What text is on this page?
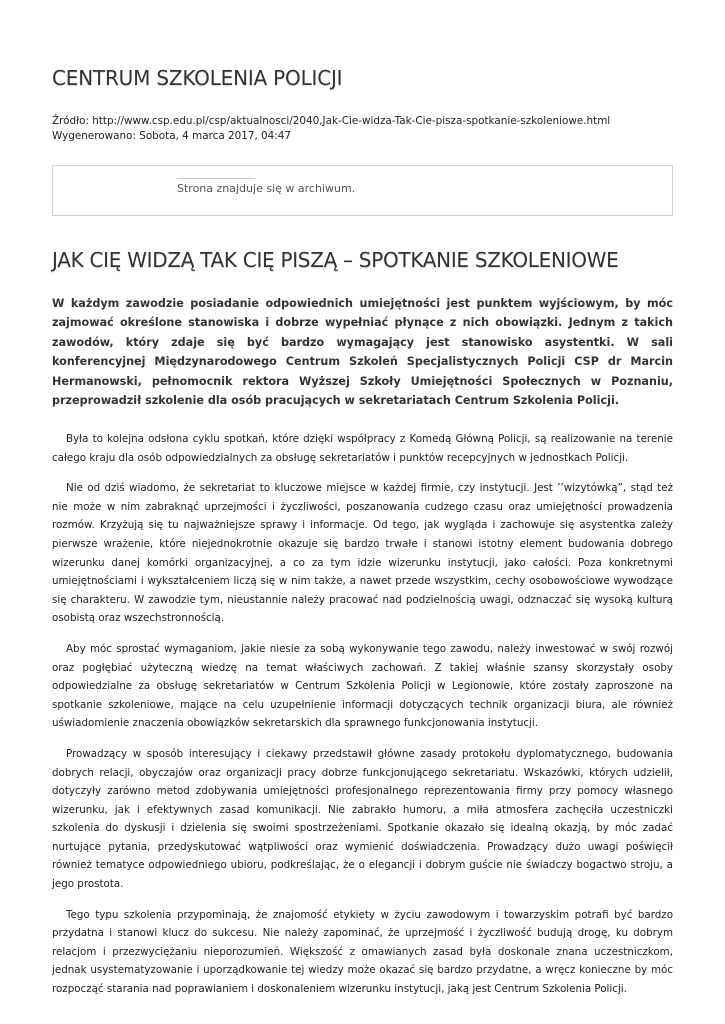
CENTRUM SZKOLENIA POLICJI
Źródło: http://www.csp.edu.pl/csp/aktualnosci/2040,Jak-Cie-widza-Tak-Cie-pisza-spotkanie-szkoleniowe.html
Wygenerowano: Sobota, 4 marca 2017, 04:47
Strona znajduje się w archiwum.
JAK CIĘ WIDZĄ TAK CIĘ PISZĄ – SPOTKANIE SZKOLENIOWE

W każdym zawodzie posiadanie odpowiednich umiejętności jest punktem wyjściowym, by móc zajmować określone stanowiska i dobrze wypełniać płynące z nich obowiązki. Jednym z takich zawodów, który zdaje się być bardzo wymagający jest stanowisko asystentki. W sali konferencyjnej Międzynarodowego Centrum Szkoleń Specjalistycznych Policji CSP dr Marcin Hermanowski, pełnomocnik rektora Wyższej Szkoły Umiejętności Społecznych w Poznaniu, przeprowadził szkolenie dla osób pracujących w sekretariatach Centrum Szkolenia Policji.

Była to kolejna odsłona cyklu spotkań, które dzięki współpracy z Komedą Główną Policji, są realizowanie na terenie całego kraju dla osób odpowiedzialnych za obsługę sekretariatów i punktów recepcyjnych w jednostkach Policji.

Nie od dziś wiadomo, że sekretariat to kluczowe miejsce w każdej firmie, czy instytucji. Jest ’’wizytówką”, stąd też nie może w nim zabraknąć uprzejmości i życzliwości, poszanowania cudzego czasu oraz umiejętności prowadzenia rozmów. Krzyżują się tu najważniejsze sprawy i informacje. Od tego, jak wygląda i zachowuje się asystentka zależy pierwsze wrażenie, które niejednokrotnie okazuje się bardzo trwałe i stanowi istotny element budowania dobrego wizerunku danej komórki organizacyjnej, a co za tym idzie wizerunku instytucji, jako całości. Poza konkretnymi umiejętnościami i wykształceniem liczą się w nim także, a nawet przede wszystkim, cechy osobowościowe wywodzące się charakteru. W zawodzie tym, nieustannie należy pracować nad podzielnością uwagi, odznaczać się wysoką kulturą osobistą oraz wszechstronnością.

Aby móc sprostać wymaganiom, jakie niesie za sobą wykonywanie tego zawodu, należy inwestować w swój rozwój oraz pogłębiać użyteczną wiedzę na temat właściwych zachowań. Z takiej właśnie szansy skorzystały osoby odpowiedzialne za obsługę sekretariatów w Centrum Szkolenia Policji w Legionowie, które zostały zaproszone na spotkanie szkoleniowe, mające na celu uzupełnienie informacji dotyczących technik organizacji biura, ale również uświadomienie znaczenia obowiązków sekretarskich dla sprawnego funkcjonowania instytucji.

Prowadzący w sposób interesujący i ciekawy przedstawił główne zasady protokołu dyplomatycznego, budowania dobrych relacji, obyczajów oraz organizacji pracy dobrze funkcjonującego sekretariatu. Wskazówki, których udzielił, dotyczyły zarówno metod zdobywania umiejętności profesjonalnego reprezentowania firmy przy pomocy własnego wizerunku, jak i efektywnych zasad komunikacji. Nie zabrakło humoru, a miła atmosfera zachęciła uczestniczki szkolenia do dyskusji i dzielenia się swoimi spostrzeżeniami. Spotkanie okazało się idealną okazją, by móc zadać nurtujące pytania, przedyskutować wątpliwości oraz wymienić doświadczenia. Prowadzący dużo uwagi poświęcił również tematyce odpowiedniego ubioru, podkreślając, że o elegancji i dobrym guście nie świadczy bogactwo stroju, a jego prostota.

Tego typu szkolenia przypominają, że znajomość etykiety w życiu zawodowym i towarzyskim potrafi być bardzo przydatna i stanowi klucz do sukcesu. Nie należy zapominać, że uprzejmość i życzliwość budują drogę, ku dobrym relacjom i przezwyciężaniu nieporozumień. Większość z omawianych zasad była doskonale znana uczestniczkom, jednak usystematyzowanie i uporządkowanie tej wiedzy może okazać się bardzo przydatne, a wręcz konieczne by móc rozpocząć starania nad poprawianiem i doskonaleniem wizerunku instytucji, jaką jest Centrum Szkolenia Policji.
